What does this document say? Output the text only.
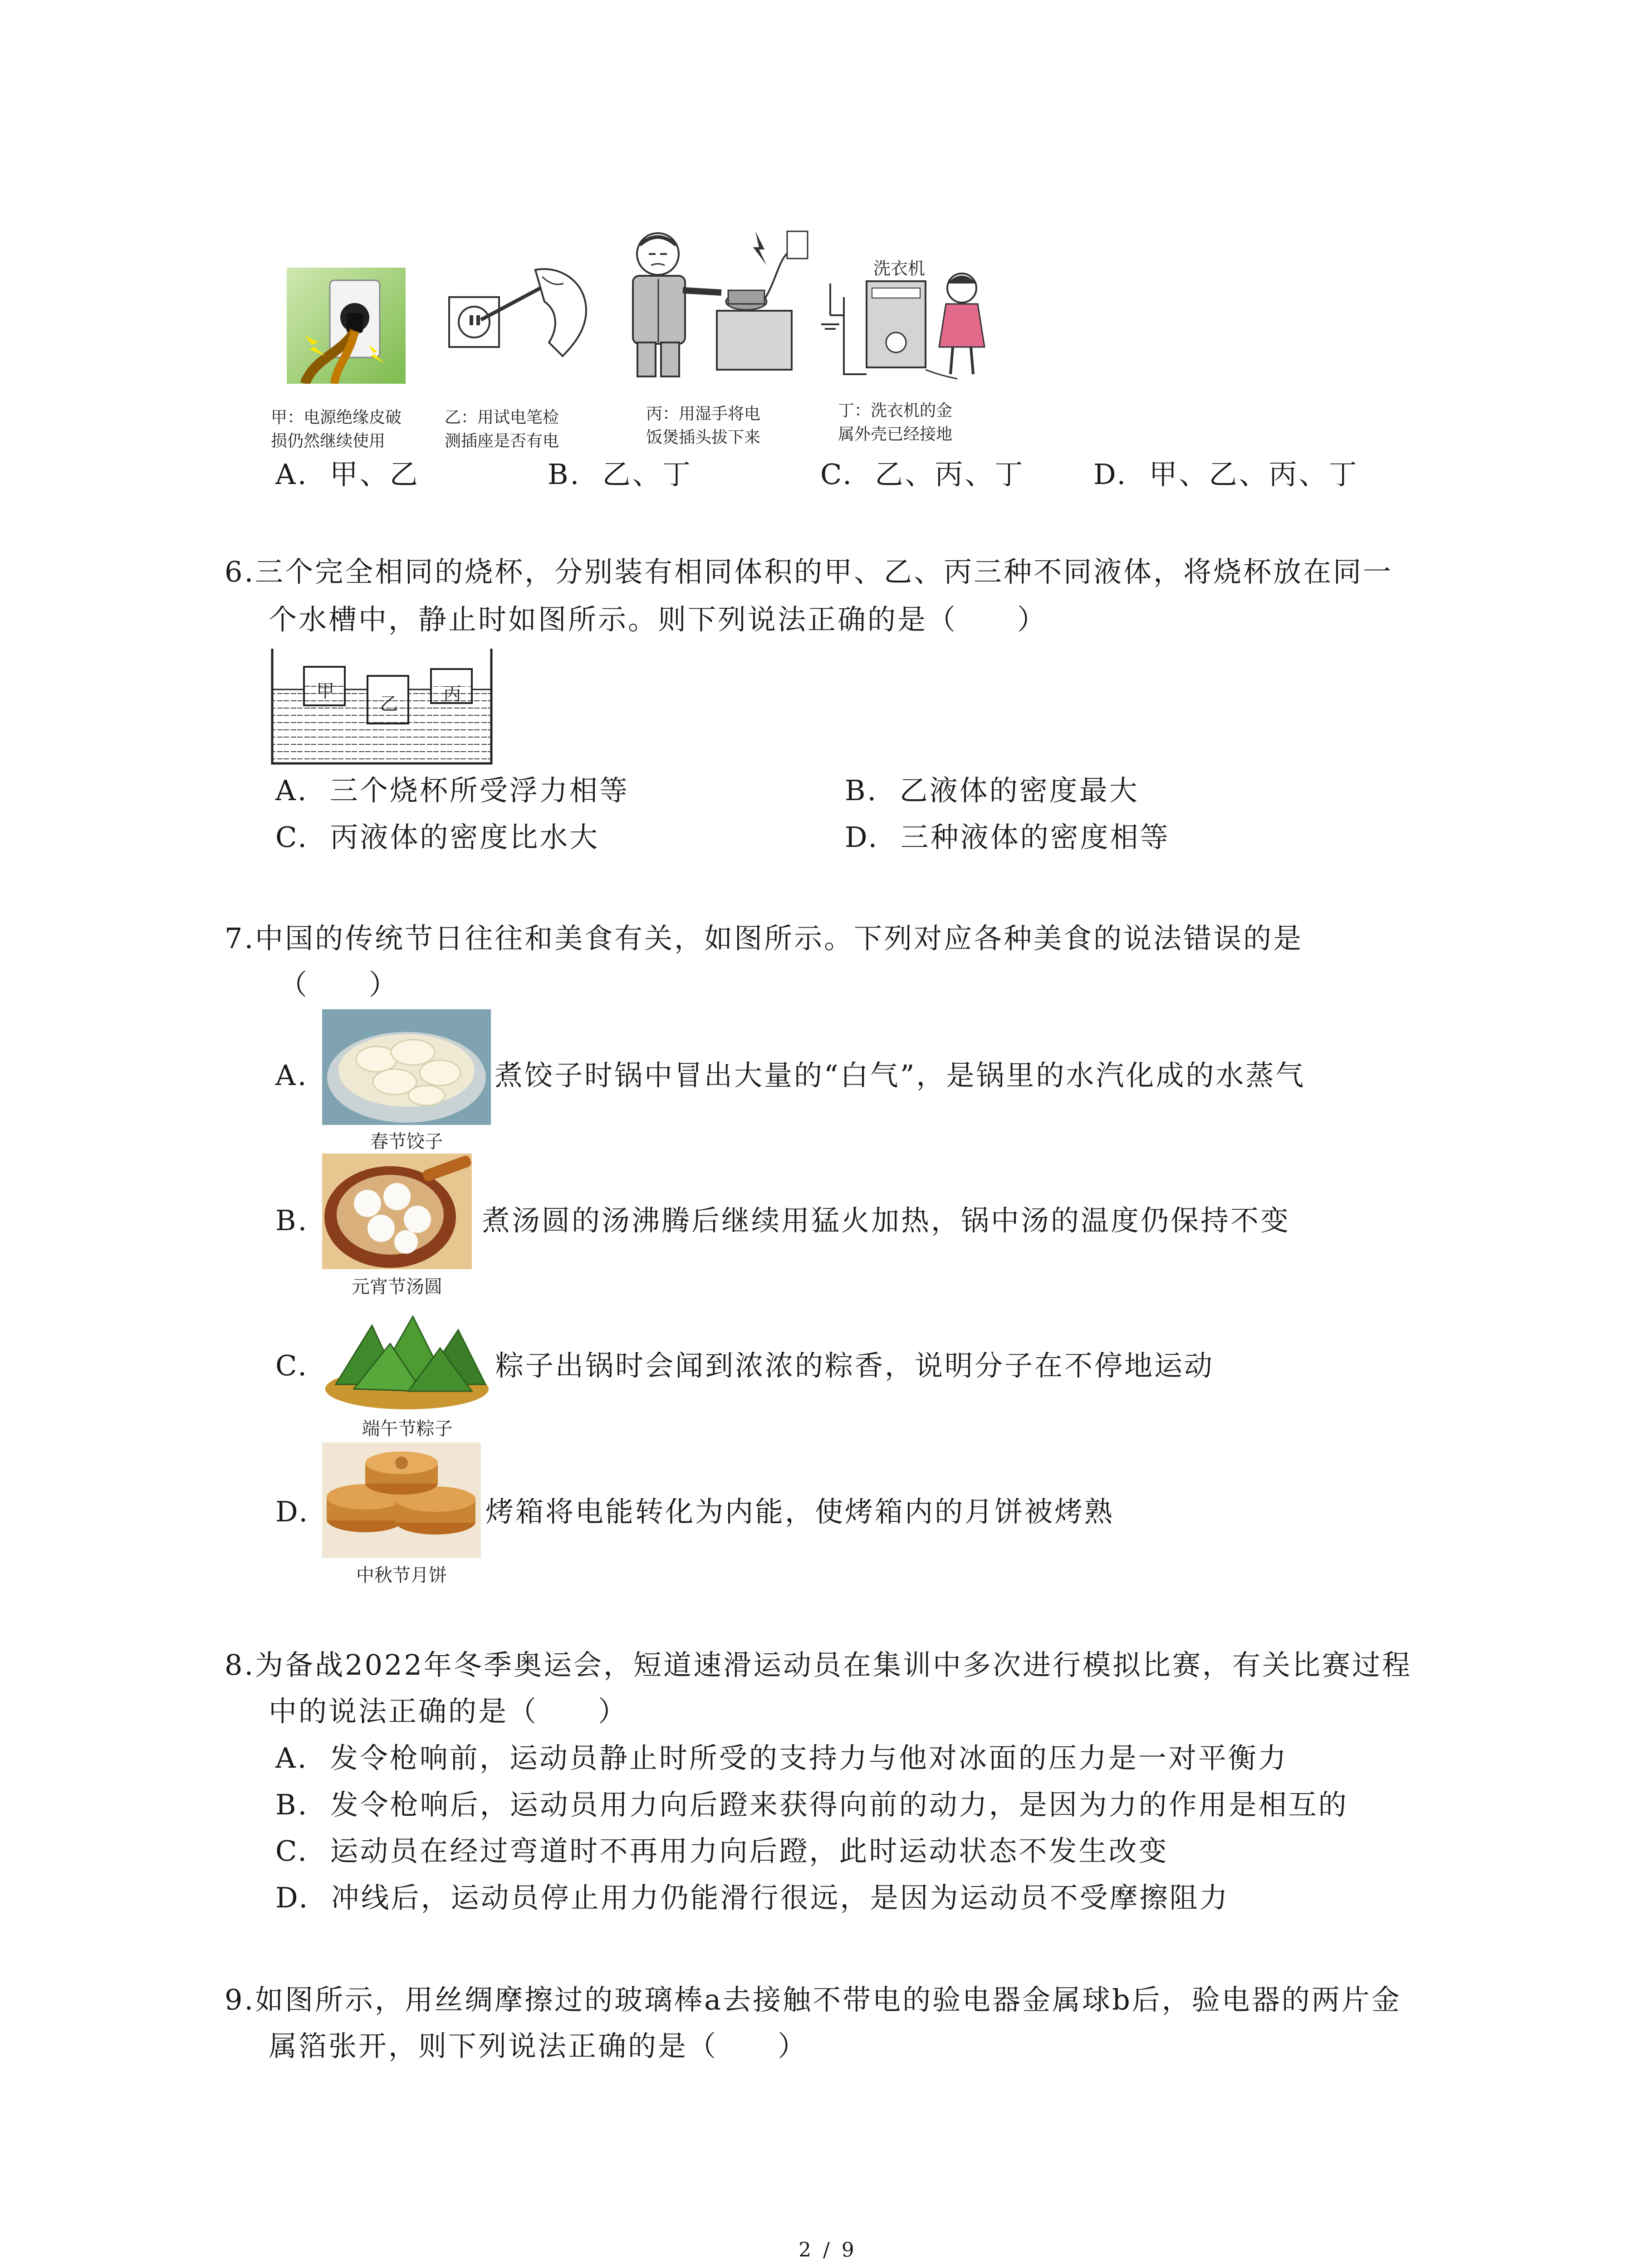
洗衣机
甲：电源绝缘皮破
损仍然继续使用
乙：用试电笔检
测插座是否有电
丙：用湿手将电
饭煲插头拔下来
丁：洗衣机的金
属外壳已经接地
A. 甲、乙	B. 乙、丁	C. 乙、丙、丁 D. 甲、乙、丙、丁
6.三个完全相同的烧杯，分别装有相同体积的甲、乙、丙三种不同液体，将烧杯放在同一
个水槽中，静止时如图所示。则下列说法正确的是（　　）
甲
乙	丙
A. 三个烧杯所受浮力相等	B. 乙液体的密度最大
C. 丙液体的密度比水大	D. 三种液体的密度相等
7.中国的传统节日往往和美食有关，如图所示。下列对应各种美食的说法错误的是
（　　）
A.
春节饺子
煮饺子时锅中冒出大量的“白气”，是锅里的水汽化成的水蒸气
B.
元宵节汤圆
煮汤圆的汤沸腾后继续用猛火加热，锅中汤的温度仍保持不变
C.
端午节粽子
粽子出锅时会闻到浓浓的粽香，说明分子在不停地运动
D.
中秋节月饼
烤箱将电能转化为内能，使烤箱内的月饼被烤熟
8.为备战2022年冬季奥运会，短道速滑运动员在集训中多次进行模拟比赛，有关比赛过程
中的说法正确的是（　　）
A. 发令枪响前，运动员静止时所受的支持力与他对冰面的压力是一对平衡力
B. 发令枪响后，运动员用力向后蹬来获得向前的动力，是因为力的作用是相互的
C. 运动员在经过弯道时不再用力向后蹬，此时运动状态不发生改变
D. 冲线后，运动员停止用力仍能滑行很远，是因为运动员不受摩擦阻力
9.如图所示，用丝绸摩擦过的玻璃棒a去接触不带电的验电器金属球b后，验电器的两片金
属箔张开，则下列说法正确的是（　　）
2 / 9
